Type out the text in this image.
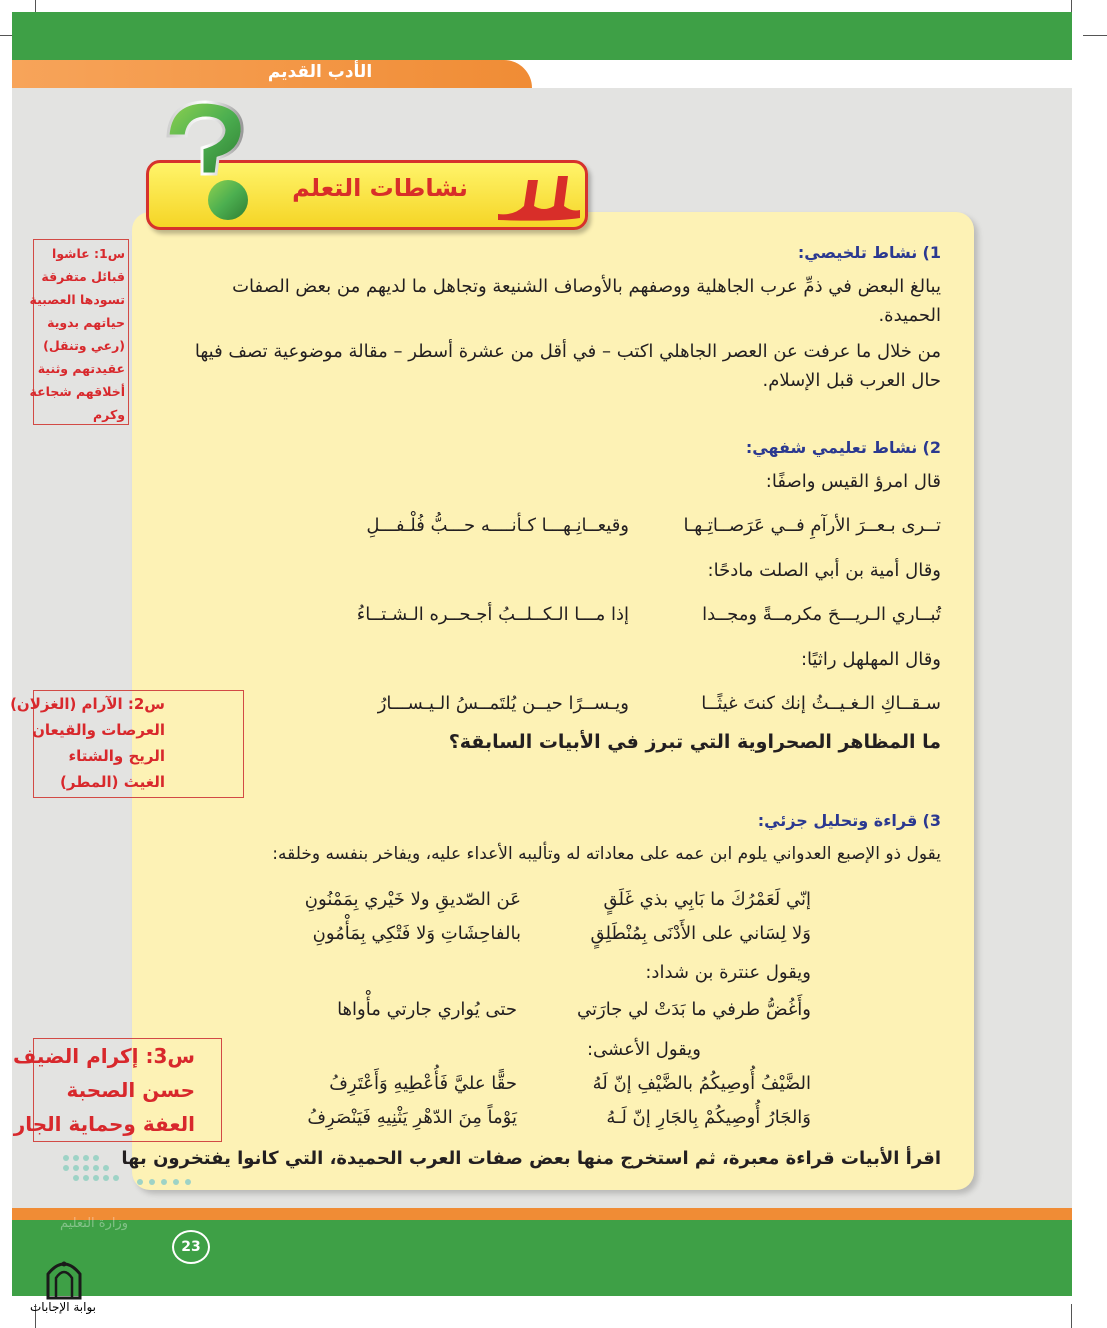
الأدب القديم
نشاطات التعلم
1) نشاط تلخيصي:
يبالغ البعض في ذمِّ عرب الجاهلية ووصفهم بالأوصاف الشنيعة وتجاهل ما لديهم من بعض الصفات
الحميدة.
من خلال ما عرفت عن العصر الجاهلي اكتب – في أقل من عشرة أسطر – مقالة موضوعية تصف فيها
حال العرب قبل الإسلام.
2) نشاط تعليمي شفهي:
قال امرؤ القيس واصفًا:
تــرى بـعــرَ الأرآمِ فــي عَرَصــاتِـهـا
وقيعــانِـهـــا كـأنــــه حـــبُّ فُلْـفـــلِ
وقال أمية بن أبي الصلت مادحًا:
تُبــاري الـريـــحَ مكرمــةً ومجــدا
إذا مـــا الـكــلــبُ أجـحــره الـشـتــاءُ
وقال المهلهل راثيًا:
سـقــاكِ الـغـيــثُ إنك كنتَ غيثًــا
ويـســرًا حيــن يُلتَمــسُ الـيـســـارُ
ما المظاهر الصحراوية التي تبرز في الأبيات السابقة؟
3) قراءة وتحليل جزئي:
يقول ذو الإصبع العدواني يلوم ابن عمه على معاداته له وتأليبه الأعداء عليه، ويفاخر بنفسه وخلقه:
إنّي لَعَمْرُكَ ما بَابِي بذي غَلَقٍ
عَن الصّديقِ ولا خَيْري بِمَمْنُونِ
وَلا لِسَاني على الأَدْنَى بِمُنْطَلِقٍ
بالفاحِشَاتِ وَلا فَتْكِي بِمَأْمُونِ
ويقول عنترة بن شداد:
وأَغُضُّ طرفي ما بَدَتْ لي جارَتي
حتى يُواري جارتي مأْواها
ويقول الأعشى:
الضَّيْفُ أُوصِيكُمُ بالضَّيْفِ إنّ لَهُ
حقًّا عليَّ فَأُعْطِيهِ وَأَعْتَرِفُ
وَالجَارُ أُوصِيكُمْ بِالجَارِ إنّ لَـهُ
يَوْماً مِنَ الدّهْرِ يَثْنِيهِ فَيَنْصَرِفُ
اقرأ الأبيات قراءة معبرة، ثم استخرج منها بعض صفات العرب الحميدة، التي كانوا يفتخرون بها
س1: عاشوا
قبائل متفرقة
تسودها العصبية
حياتهم بدوية
(رعي وتنقل)
عقيدتهم وثنية
أخلاقهم شجاعة
وكرم
س2: الآرام (الغزلان)
العرصات والقيعان
الريح والشتاء
الغيث (المطر)
س3: إكرام الضيف
حسن الصحبة
العفة وحماية الجار
وزارة التعليم
23
بوابة الإجابات
